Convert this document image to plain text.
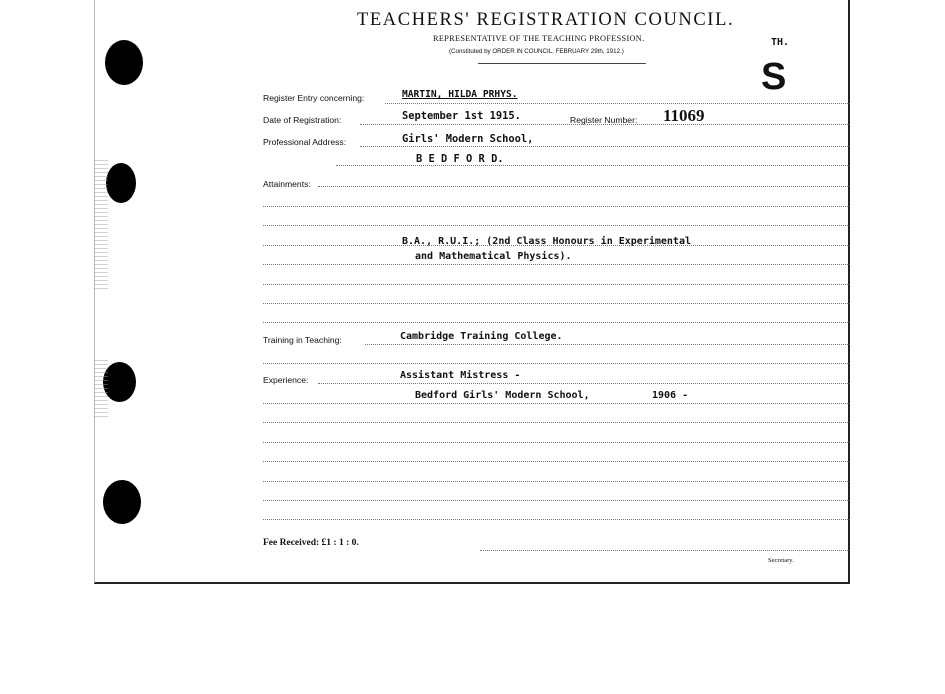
TEACHERS' REGISTRATION COUNCIL.
REPRESENTATIVE OF THE TEACHING PROFESSION.
(Constituted by ORDER IN COUNCIL, FEBRUARY 29th, 1912.)
TH.
S
Register Entry concerning:	MARTIN, HILDA PRHYS.
Date of Registration:	September 1st 1915.	Register Number: 11069
Professional Address:	Girls' Modern School,
B E D F O R D.
Attainments:
B.A., R.U.I.; (2nd Class Honours in Experimental
and Mathematical Physics).
Training in Teaching:	Cambridge Training College.
Experience:	Assistant Mistress -
Bedford Girls' Modern School,	1906 -
Fee Received: £1 : 1 : 0.
Secretary.
